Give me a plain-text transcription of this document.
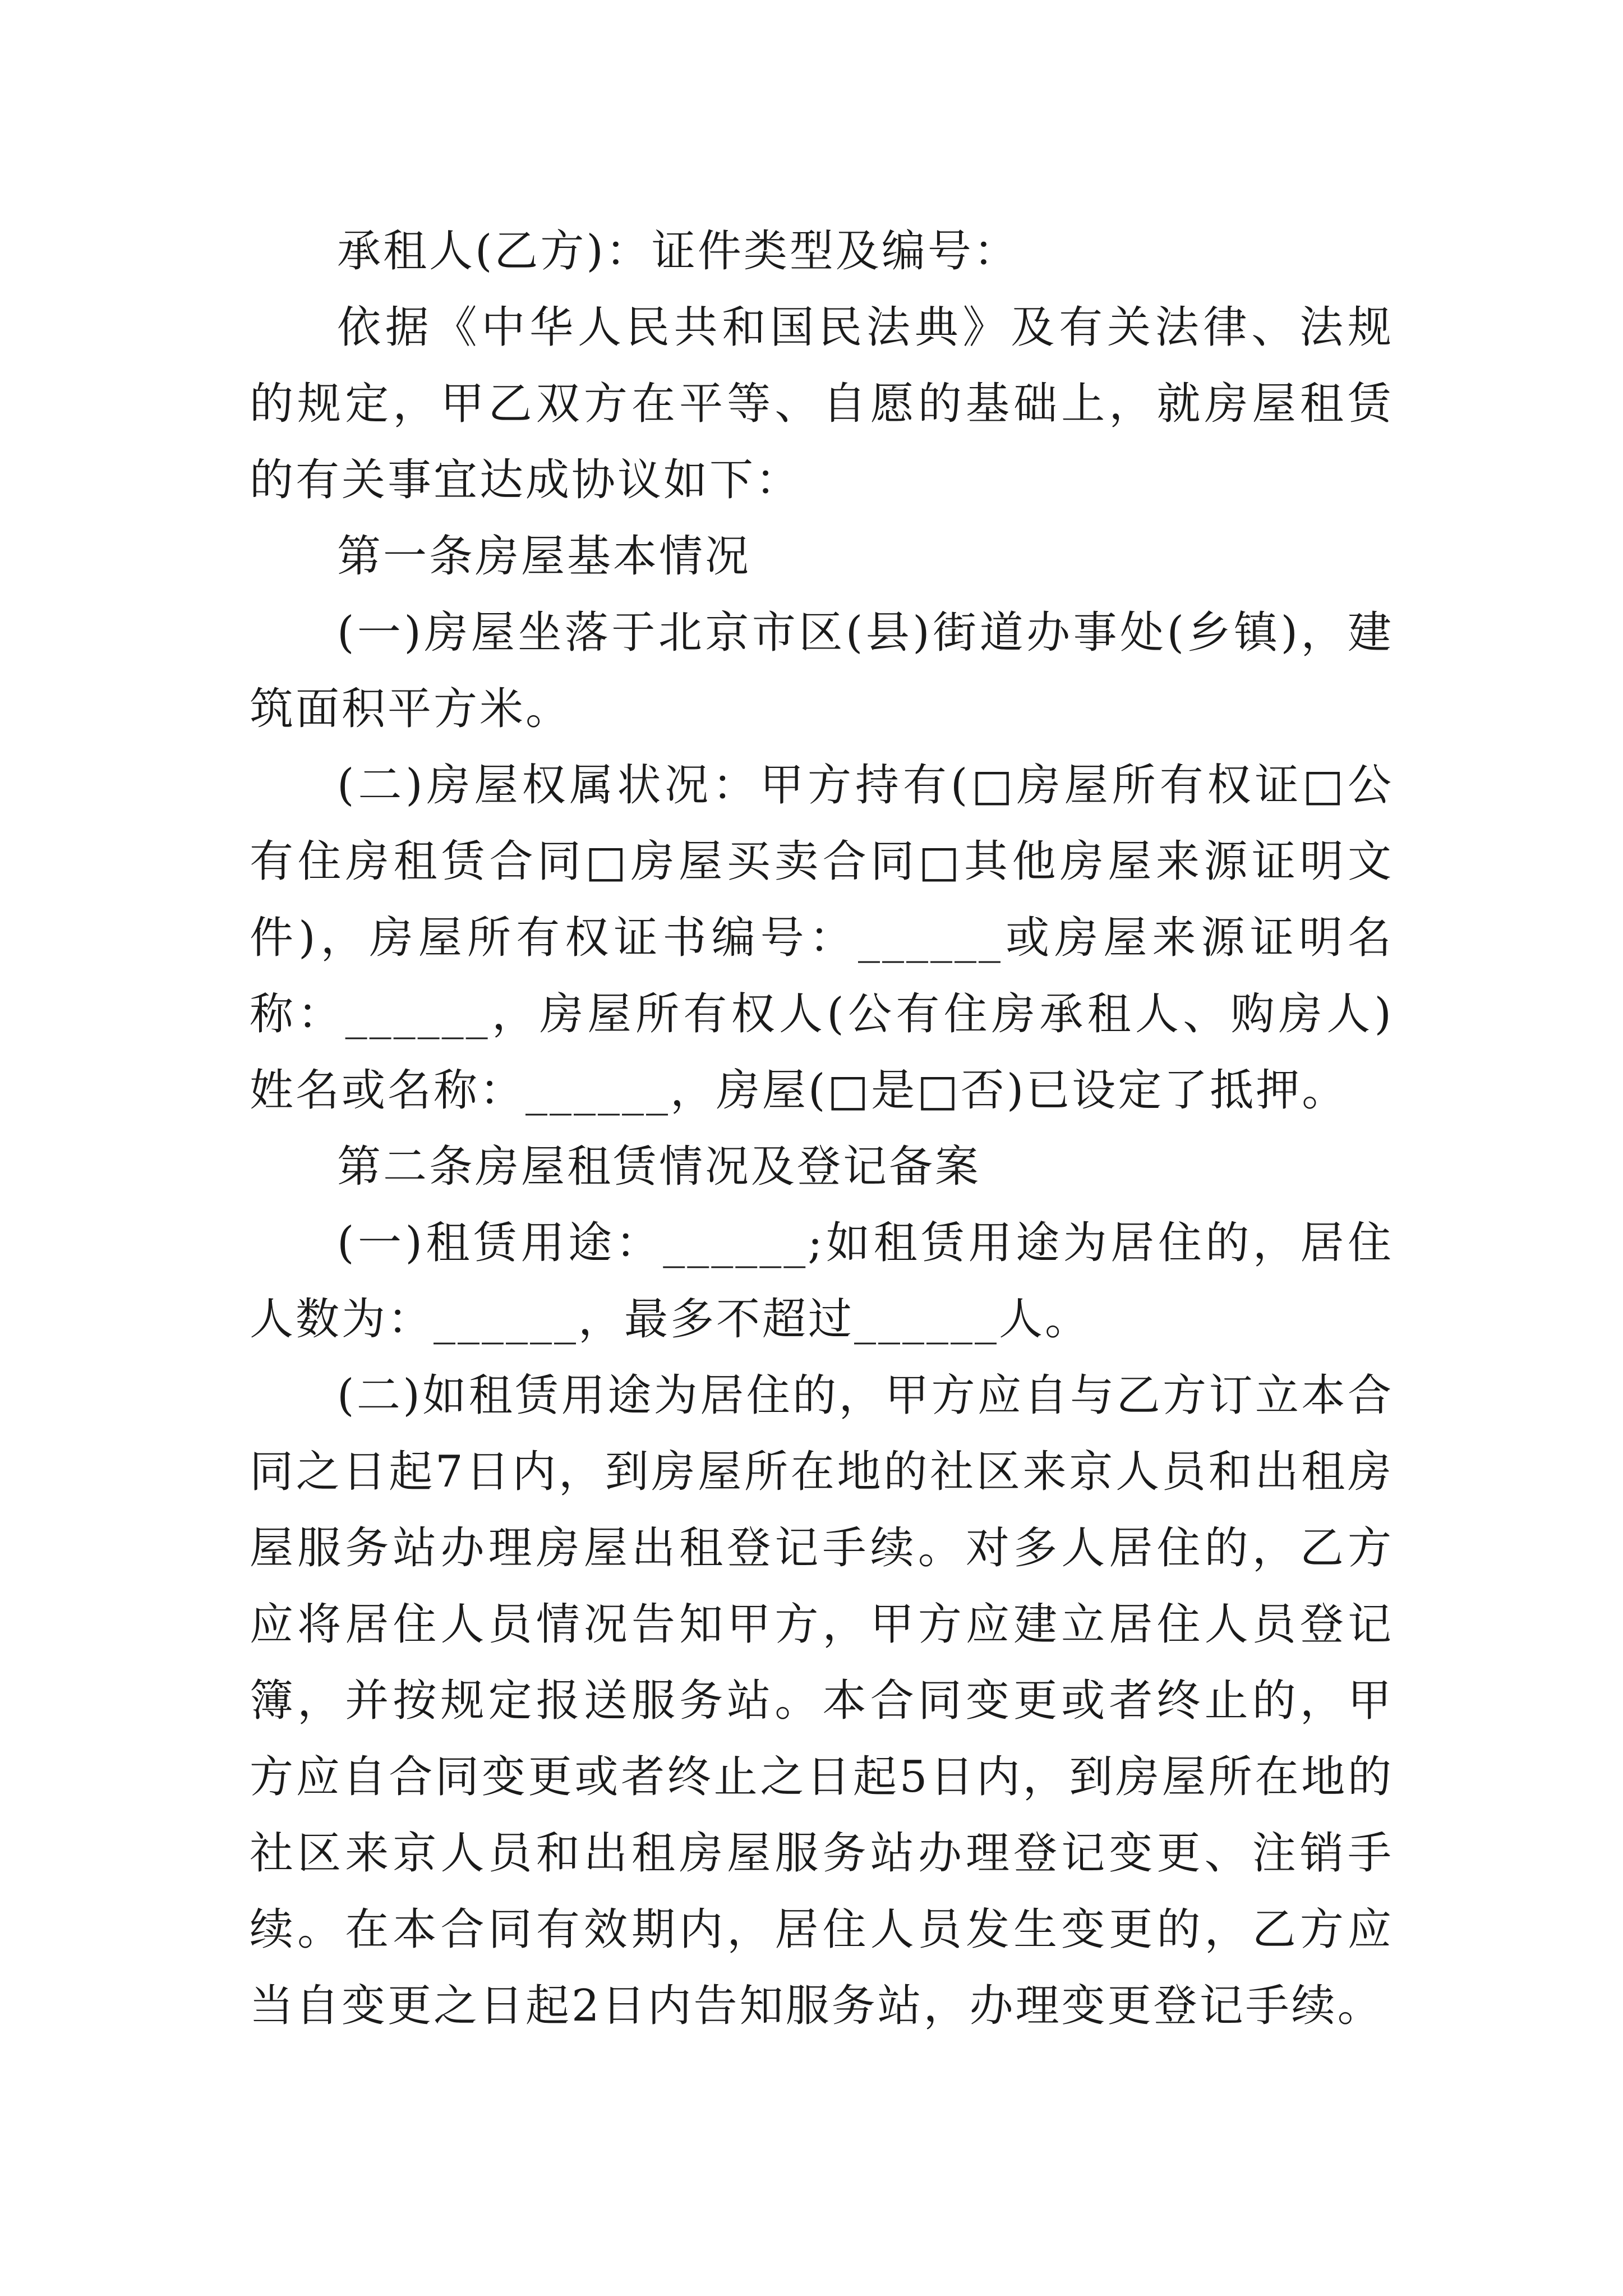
承租人(乙方)：证件类型及编号：

依据《中华人民共和国民法典》及有关法律、法规的规定，甲乙双方在平等、自愿的基础上，就房屋租赁的有关事宜达成协议如下：

第一条房屋基本情况

(一)房屋坐落于北京市区(县)街道办事处(乡镇)，建筑面积平方米。

(二)房屋权属状况：甲方持有(□房屋所有权证□公有住房租赁合同□房屋买卖合同□其他房屋来源证明文件)，房屋所有权证书编号：______或房屋来源证明名称：______，房屋所有权人(公有住房承租人、购房人)姓名或名称：______，房屋(□是□否)已设定了抵押。

第二条房屋租赁情况及登记备案

(一)租赁用途：______;如租赁用途为居住的，居住人数为：______，最多不超过______人。

(二)如租赁用途为居住的，甲方应自与乙方订立本合同之日起7日内，到房屋所在地的社区来京人员和出租房屋服务站办理房屋出租登记手续。对多人居住的，乙方应将居住人员情况告知甲方，甲方应建立居住人员登记簿，并按规定报送服务站。本合同变更或者终止的，甲方应自合同变更或者终止之日起5日内，到房屋所在地的社区来京人员和出租房屋服务站办理登记变更、注销手续。在本合同有效期内，居住人员发生变更的，乙方应当自变更之日起2日内告知服务站，办理变更登记手续。
